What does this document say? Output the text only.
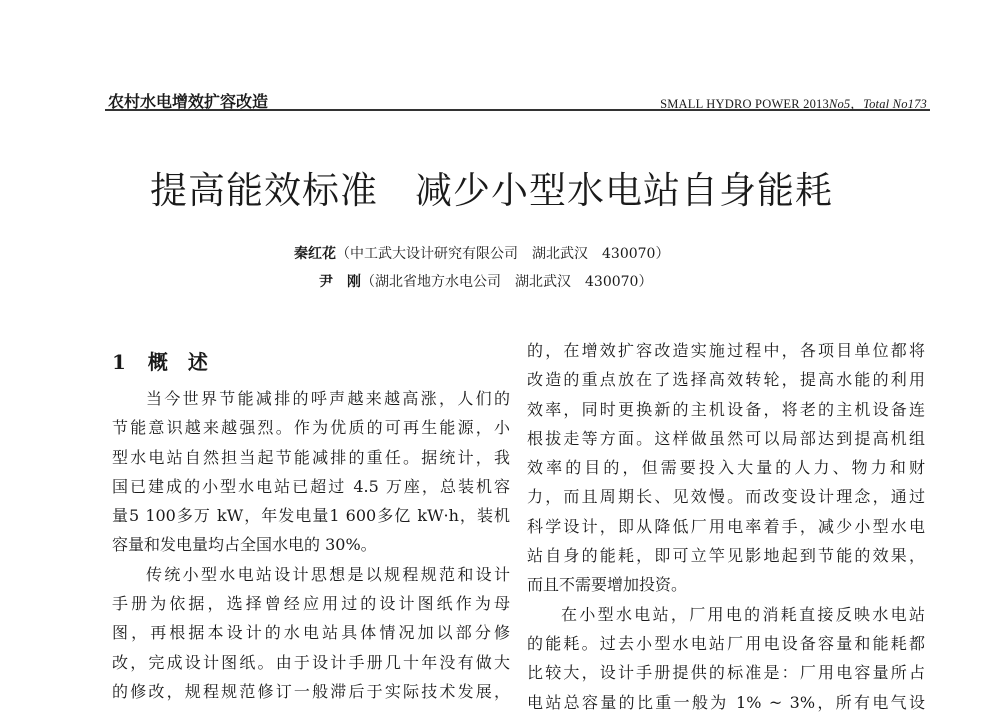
农村水电增效扩容改造	SMALL HYDRO POWER 2013No5，Total No173
提高能效标准 减少小型水电站自身能耗
秦红花（中工武大设计研究有限公司　湖北武汉　430070）
尹　刚（湖北省地方水电公司　湖北武汉　430070）
1 概　述
当今世界节能减排的呼声越来越高涨，人们的
节能意识越来越强烈。作为优质的可再生能源，小
型水电站自然担当起节能减排的重任。据统计，我
国已建成的小型水电站已超过 4.5 万座，总装机容
量5 100多万 kW，年发电量1 600多亿 kW·h，装机
容量和发电量均占全国水电的 30%。
传统小型水电站设计思想是以规程规范和设计
手册为依据，选择曾经应用过的设计图纸作为母
图，再根据本设计的水电站具体情况加以部分修
改，完成设计图纸。由于设计手册几十年没有做大
的修改，规程规范修订一般滞后于实际技术发展，
的，在增效扩容改造实施过程中，各项目单位都将
改造的重点放在了选择高效转轮，提高水能的利用
效率，同时更换新的主机设备，将老的主机设备连
根拔走等方面。这样做虽然可以局部达到提高机组
效率的目的，但需要投入大量的人力、物力和财
力，而且周期长、见效慢。而改变设计理念，通过
科学设计，即从降低厂用电率着手，减少小型水电
站自身的能耗，即可立竿见影地起到节能的效果，
而且不需要增加投资。
在小型水电站，厂用电的消耗直接反映水电站
的能耗。过去小型水电站厂用电设备容量和能耗都
比较大，设计手册提供的标准是：厂用电容量所占
电站总容量的比重一般为 1% ~ 3%，所有电气设
